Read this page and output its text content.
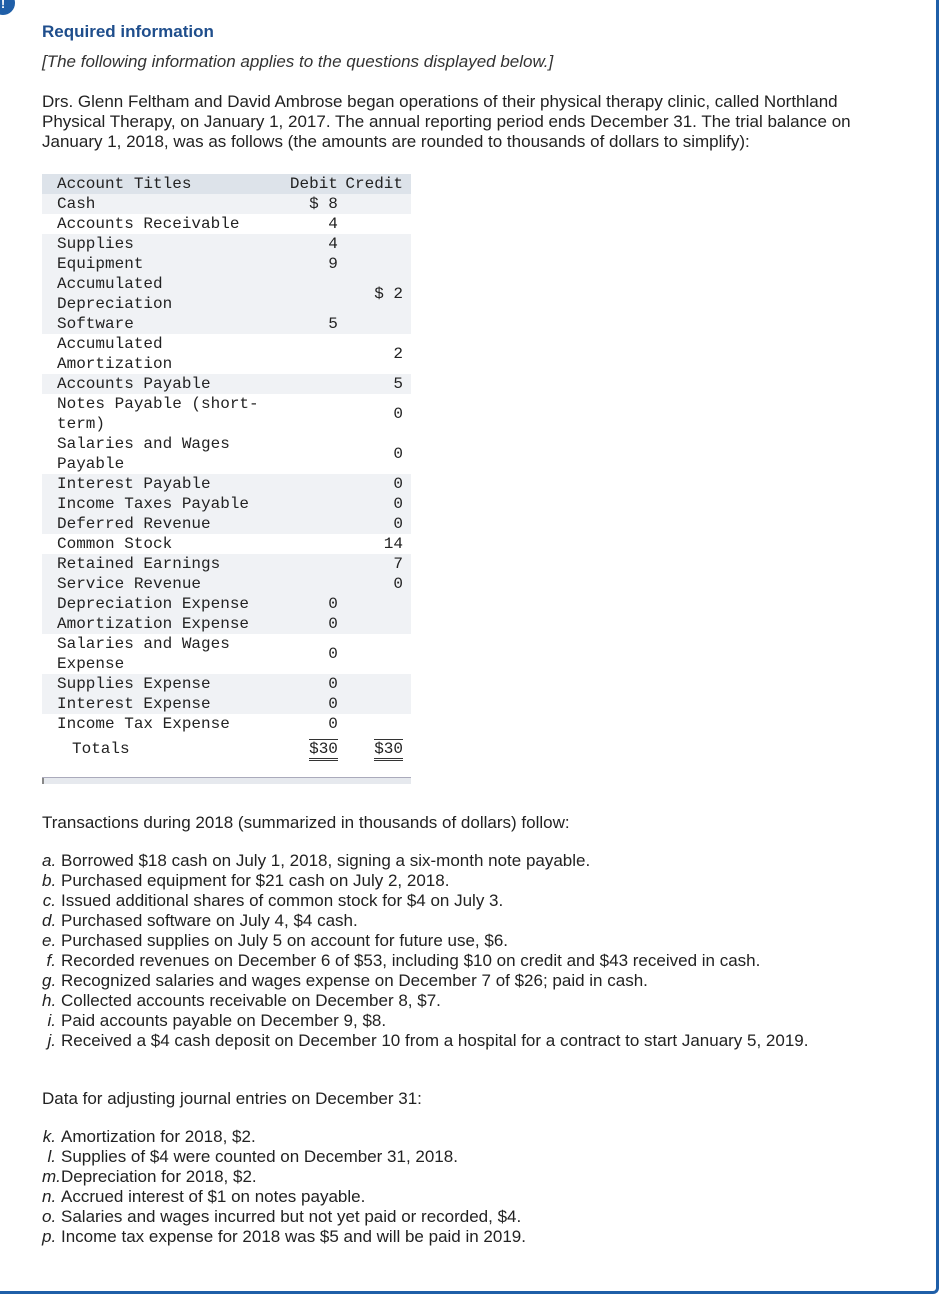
!
Required information
[The following information applies to the questions displayed below.]
Drs. Glenn Feltham and David Ambrose began operations of their physical therapy clinic, called Northland Physical Therapy, on January 1, 2017. The annual reporting period ends December 31. The trial balance on January 1, 2018, was as follows (the amounts are rounded to thousands of dollars to simplify):
Account Titles	Debit	Credit

Cash	$ 8	

Accounts Receivable	4	

Supplies	4	

Equipment	9	

Accumulated Depreciation		$ 2

Software	5	

Accumulated Amortization		2

Accounts Payable		5

Notes Payable (short-term)		0

Salaries and Wages Payable		0

Interest Payable		0

Income Taxes Payable		0

Deferred Revenue		0

Common Stock		14

Retained Earnings		7

Service Revenue		0

Depreciation Expense	0	

Amortization Expense	0	

Salaries and Wages Expense	0	

Supplies Expense	0	

Interest Expense	0	

Income Tax Expense	0	
Totals	$30	$30
Transactions during 2018 (summarized in thousands of dollars) follow:
a. Borrowed $18 cash on July 1, 2018, signing a six-month note payable.
b. Purchased equipment for $21 cash on July 2, 2018.
c. Issued additional shares of common stock for $4 on July 3.
d. Purchased software on July 4, $4 cash.
e. Purchased supplies on July 5 on account for future use, $6.
f. Recorded revenues on December 6 of $53, including $10 on credit and $43 received in cash.
g. Recognized salaries and wages expense on December 7 of $26; paid in cash.
h. Collected accounts receivable on December 8, $7.
i. Paid accounts payable on December 9, $8.
j. Received a $4 cash deposit on December 10 from a hospital for a contract to start January 5, 2019.
Data for adjusting journal entries on December 31:
k. Amortization for 2018, $2.
l. Supplies of $4 were counted on December 31, 2018.
m.Depreciation for 2018, $2.
n. Accrued interest of $1 on notes payable.
o. Salaries and wages incurred but not yet paid or recorded, $4.
p. Income tax expense for 2018 was $5 and will be paid in 2019.
